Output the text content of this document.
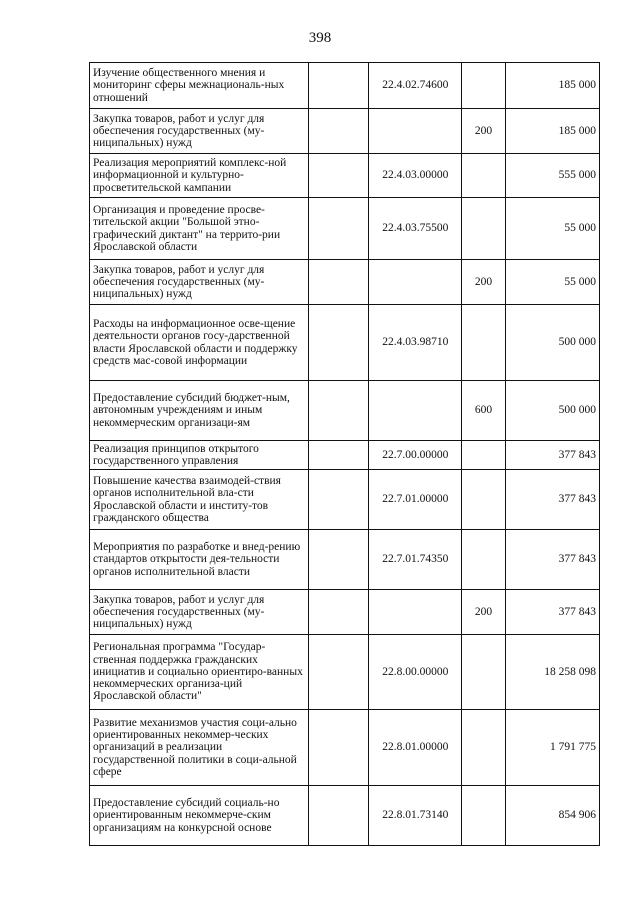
398
Изучение общественного мнения и мониторинг сферы межнациональ-ных отношений		22.4.02.74600		185 000
Закупка товаров, работ и услуг для обеспечения государственных (му-ниципальных) нужд			200	185 000
Реализация мероприятий комплекс-ной информационной и культурно-просветительской кампании		22.4.03.00000		555 000
Организация и проведение просве-тительской акции "Большой этно-графический диктант" на террито-рии Ярославской области		22.4.03.75500		55 000
Закупка товаров, работ и услуг для обеспечения государственных (му-ниципальных) нужд			200	55 000
Расходы на информационное осве-щение деятельности органов госу-дарственной власти Ярославской области и поддержку средств мас-совой информации		22.4.03.98710		500 000
Предоставление субсидий бюджет-ным, автономным учреждениям и иным некоммерческим организаци-ям			600	500 000
Реализация принципов открытого государственного управления		22.7.00.00000		377 843
Повышение качества взаимодей-ствия органов исполнительной вла-сти Ярославской области и институ-тов гражданского общества		22.7.01.00000		377 843
Мероприятия по разработке и внед-рению стандартов открытости дея-тельности органов исполнительной власти		22.7.01.74350		377 843
Закупка товаров, работ и услуг для обеспечения государственных (му-ниципальных) нужд			200	377 843
Региональная программа "Государ-ственная поддержка гражданских инициатив и социально ориентиро-ванных некоммерческих организа-ций Ярославской области"		22.8.00.00000		18 258 098
Развитие механизмов участия соци-ально ориентированных некоммер-ческих организаций в реализации государственной политики в соци-альной сфере		22.8.01.00000		1 791 775
Предоставление субсидий социаль-но ориентированным некоммерче-ским организациям на конкурсной основе		22.8.01.73140		854 906
